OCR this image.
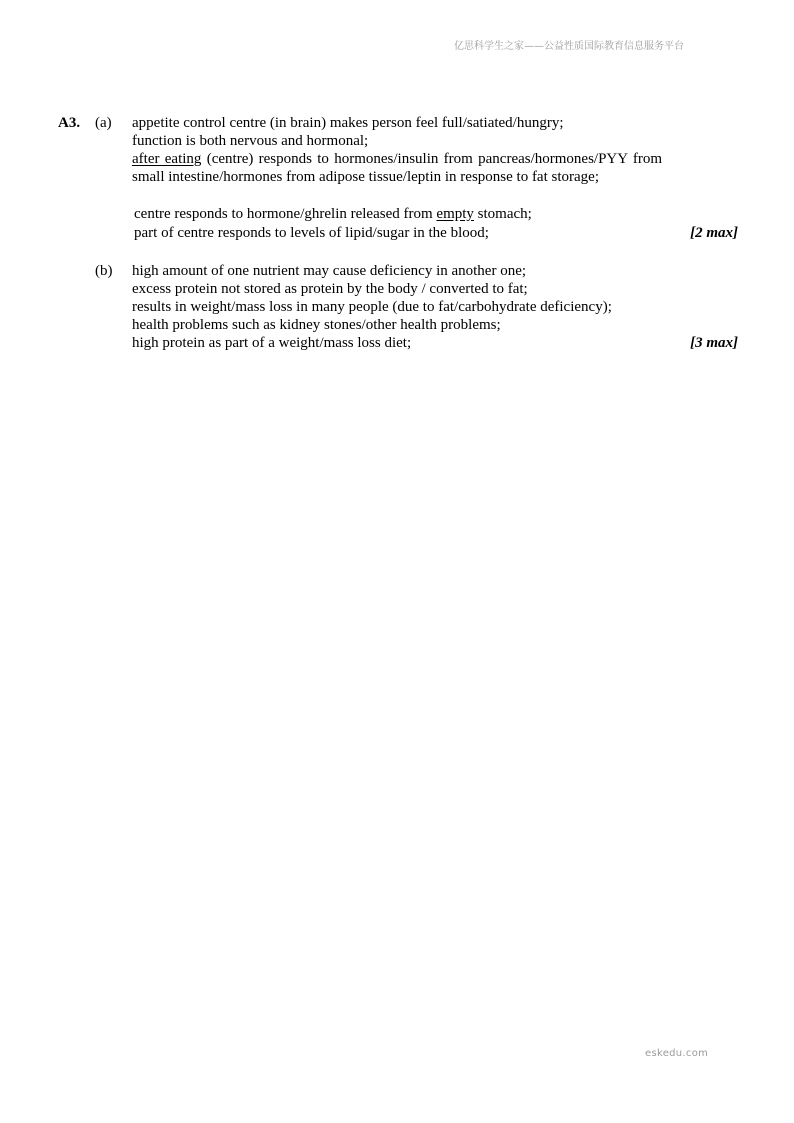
亿思科学生之家——公益性质国际教育信息服务平台
A3. (a) appetite control centre (in brain) makes person feel full/satiated/hungry;
function is both nervous and hormonal;
after eating (centre) responds to hormones/insulin from pancreas/hormones/PYY from small intestine/hormones from adipose tissue/leptin in response to fat storage;
centre responds to hormone/ghrelin released from empty stomach;
part of centre responds to levels of lipid/sugar in the blood;	[2 max]
(b) high amount of one nutrient may cause deficiency in another one;
excess protein not stored as protein by the body / converted to fat;
results in weight/mass loss in many people (due to fat/carbohydrate deficiency);
health problems such as kidney stones/other health problems;
high protein as part of a weight/mass loss diet;	[3 max]
eskedu.com
